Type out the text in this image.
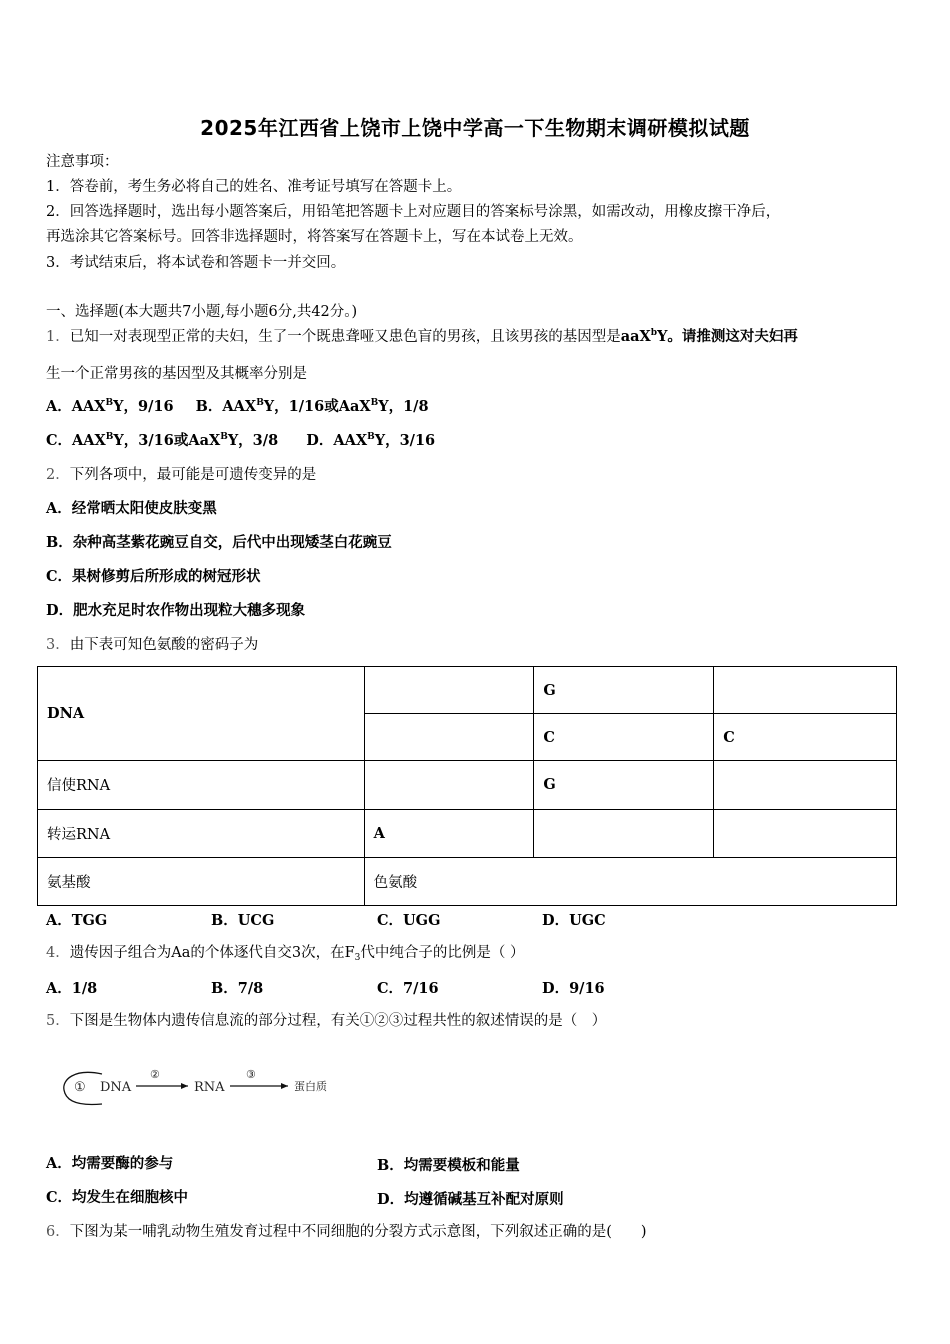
2025年江西省上饶市上饶中学高一下生物期末调研模拟试题
注意事项：
1．答卷前，考生务必将自己的姓名、准考证号填写在答题卡上。
2．回答选择题时，选出每小题答案后，用铅笔把答题卡上对应题目的答案标号涂黑，如需改动，用橡皮擦干净后，
再选涂其它答案标号。回答非选择题时，将答案写在答题卡上，写在本试卷上无效。
3．考试结束后，将本试卷和答题卡一并交回。
一、选择题(本大题共7小题,每小题6分,共42分。)
1．已知一对表现型正常的夫妇，生了一个既患聋哑又患色盲的男孩，且该男孩的基因型是aaX$^b$Y。请推测这对夫妇再
生一个正常男孩的基因型及其概率分别是
A．$AAX^BY$，9/16 B．$AAX^BY$，1/16或AaX$^B$Y，1/8
C．$AAX^BY$，3/16或AaX$^B$Y，3/8 D．$AAX^BY$，3/16
2．下列各项中，最可能是可遗传变异的是
A．经常晒太阳使皮肤变黑
B．杂种高茎紫花豌豆自交，后代中出现矮茎白花豌豆
C．果树修剪后所形成的树冠形状
D．肥水充足时农作物出现粒大穗多现象
3．由下表可知色氨酸的密码子为
DNA		G	
		C	C
信使RNA		G	
转运RNA	A		
氨基酸	色氨酸		
A．TGG	B．UCG	C．UGG	D．UGC
4．遗传因子组合为Aa的个体逐代自交3次，在$F_3$代中纯合子的比例是（ ）
A．1/8	B．7/8	C．7/16	D．9/16
5．下图是生物体内遗传信息流的部分过程，有关①②③过程共性的叙述情误的是（　）
① DNA
②
RNA
③
蛋白质
A．均需要酶的参与	B．均需要模板和能量
C．均发生在细胞核中	D．均遵循碱基互补配对原则
6．下图为某一哺乳动物生殖发育过程中不同细胞的分裂方式示意图，下列叙述正确的是(　　)
